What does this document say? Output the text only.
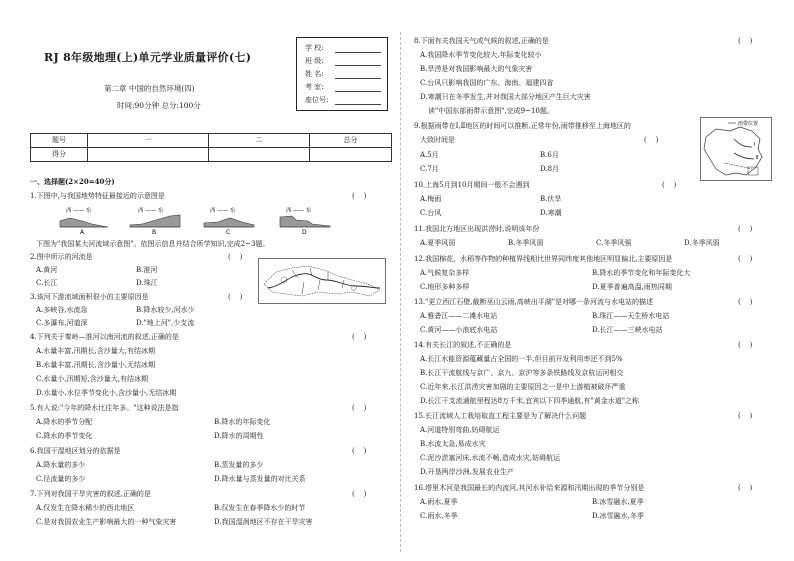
RJ 8年级地理(上)单元学业质量评价(七)
第二章 中国的自然环境(四)
时间:90分钟 总分:100分
学 校:
班 级:
姓 名:
考 室:
座位号:
题号	一	二	总分
得分			
一、选择题(2×20=40分)
1.下图中,与我国地势特征最接近的示意图是	(    )
西 —— 东
A
西 —— 东
B
西 —— 东
C
西 —— 东
D
下图为"我国某大河流域示意图"。依图示信息并结合所学知识,完成2~3题。
2.图中所示的河流是	(    )
A.黄河	B.淮河
C.长江	D.珠江
3.该河下游流域面积很小的主要原因是	(    )
A.多峡谷,水流急	B.降水较少,河水少
C.多瀑布,河道深	D."地上河",少支流
4.下列关于秦岭—淮河以南河流的叙述,正确的是	(    )
A.水量丰富,汛期长,含沙量大,有结冰期
B.水量丰富,汛期长,含沙量小,无结冰期
C.水量小,汛期短,含沙量大,有结冰期
D.水量小,水位季节变化小,含沙量小,无结冰期
5.有人说:"今年的降水比往年多。"这种说法是指	(    )
A.降水的季节分配	B.降水的年际变化
C.降水的季节变化	D.降水的周期性
6.我国干湿地区划分的依据是	(    )
A.降水量的多少	B.蒸发量的多少
C.径流量的多少	D.降水量与蒸发量的对比关系
7.下列对我国干旱灾害的叙述,正确的是	(    )
A.仅发生在降水稀少的西北地区	B.仅发生在春季降水少的时节
C.是对我国农业生产影响最大的一种气象灾害	D.我国湿润地区不存在干旱灾害
8.下面有关我国天气或气候的叙述,正确的是	(    )
A.我国降水季节变化较大,年际变化较小
B.旱涝是对我国影响最大的气象灾害
C.台风只影响我国的广东、海南、福建四省
D.寒潮只在冬季发生,并对我国大部分地区产生巨大灾害
读"中国东部雨带示意图",完成9~10题。
9.根据雨带在Ⅰ,Ⅱ地区的时间可以推断,正常年份,雨带推移至上海地区的
大致时间是	(    )
A.5月	B.6月
C.7月	D.8月
雨带位置
Ⅰ
Ⅱ
10.上海5月到10月期间一般不会遇到	(    )
A.梅雨	B.伏旱
C.台风	D.寒潮
11.我国北方地区出现洪涝时,说明该年份	(    )
A.夏季风弱	B.冬季风弱	C.冬季风强	D.冬季风弱
12.我国棉花、水稻等作物的种植界线相比世界同纬度其他地区明显偏北,主要原因是	(    )
A.气候复杂多样	B.降水的季节变化和年际变化大
C.地形多种多样	D.夏季普遍高温,雨热同期
13."更立西江石壁,截断巫山云雨,高峡出平湖"是对哪一条河流与水电站的描述	(    )
A.雅砻江——二滩水电站	B.珠江——天生桥水电站
C.黄河——小浪底水电站	D.长江——三峡水电站
14.有关长江的叙述,不正确的是	(    )
A.长江水能资源蕴藏量占全国的一半,但目前开发利用率还不到5%
B.长江干流航线与京广、京九、京沪等多条铁路线及京杭运河相交
C.近年来,长江洪涝灾害加剧的主要原因之一是中上游植被破坏严重
D.长江干支流通航里程达8万千米,宜宾以下四季通航,有"黄金水道"之称
15.长江流域人工栽培取直工程主要是为了解决什么问题	(    )
A.河道特别弯曲,妨碍航运
B.水流太急,易成水灾
C.泥沙淤塞河床,水流不畅,造成水灾,妨碍航运
D.开垦两岸沙洲,发展农业生产
16.塔里木河是我国最长的内流河,其河水补给来源和汛期出现的季节分别是	(    )
A.雨水,夏季	B.冰雪融水,夏季
C.雨水,冬季	D.冰雪融水,冬季
